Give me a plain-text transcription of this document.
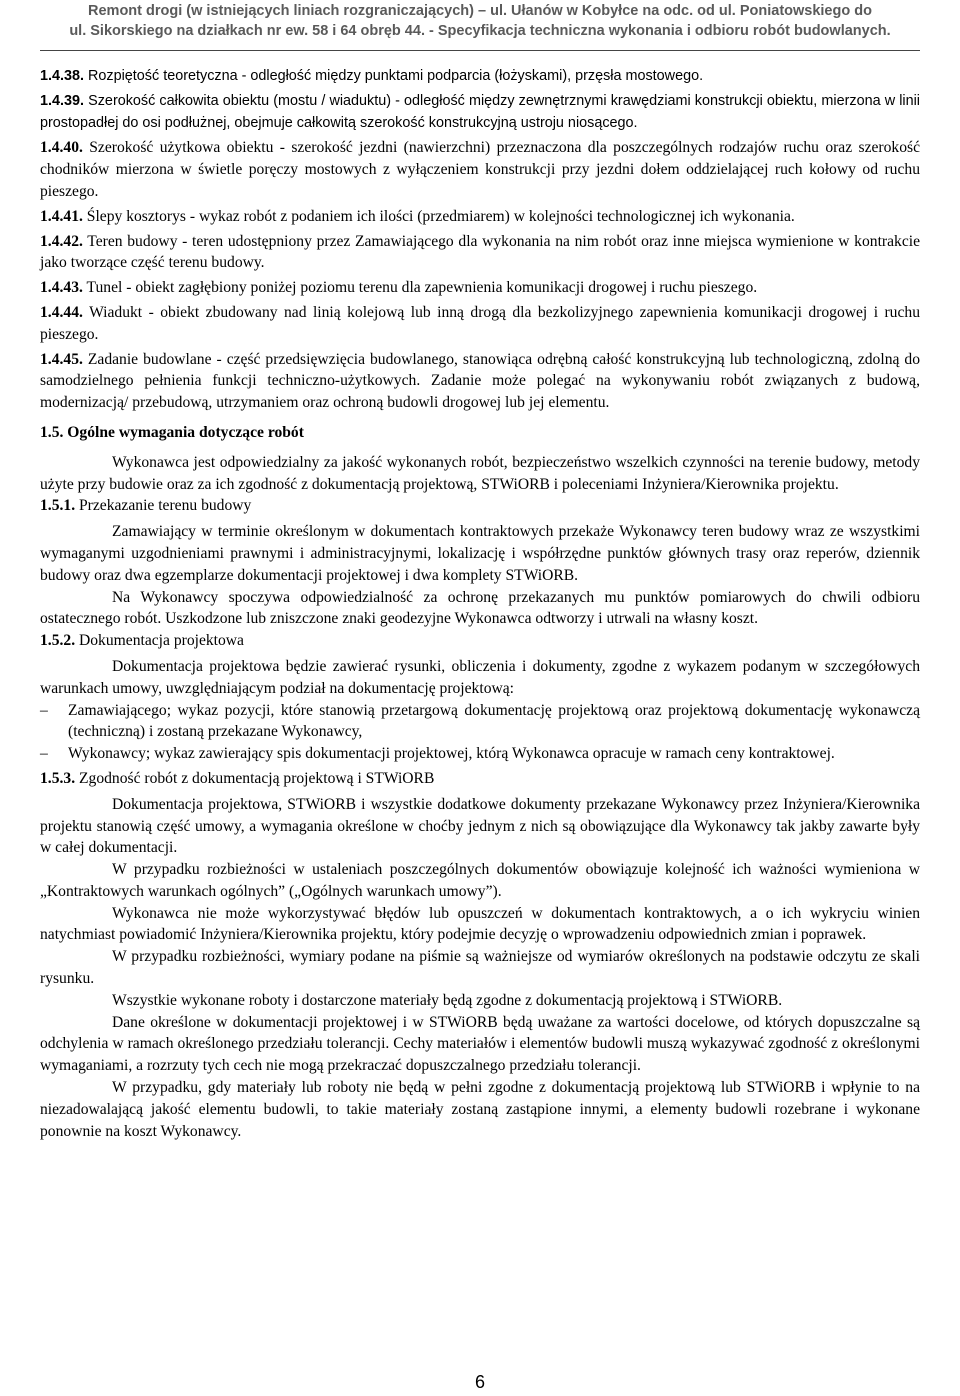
Remont drogi (w istniejących liniach rozgraniczających) – ul. Ułanów w Kobyłce na odc. od ul. Poniatowskiego do
ul. Sikorskiego na działkach nr ew. 58 i 64 obręb 44. - Specyfikacja techniczna wykonania i odbioru robót budowlanych.

1.4.38. Rozpiętość teoretyczna - odległość między punktami podparcia (łożyskami), przęsła mostowego.

1.4.39. Szerokość całkowita obiektu (mostu / wiaduktu) - odległość między zewnętrznymi krawędziami konstrukcji obiektu, mierzona w linii prostopadłej do osi podłużnej, obejmuje całkowitą szerokość konstrukcyjną ustroju niosącego.

1.4.40. Szerokość użytkowa obiektu - szerokość jezdni (nawierzchni) przeznaczona dla poszczególnych rodzajów ruchu oraz szerokość chodników mierzona w świetle poręczy mostowych z wyłączeniem konstrukcji przy jezdni dołem oddzielającej ruch kołowy od ruchu pieszego.

1.4.41. Ślepy kosztorys - wykaz robót z podaniem ich ilości (przedmiarem) w kolejności technologicznej ich wykonania.

1.4.42. Teren budowy - teren udostępniony przez Zamawiającego dla wykonania na nim robót oraz inne miejsca wymienione w kontrakcie jako tworzące część terenu budowy.

1.4.43. Tunel - obiekt zagłębiony poniżej poziomu terenu dla zapewnienia komunikacji drogowej i ruchu pieszego.

1.4.44. Wiadukt - obiekt zbudowany nad linią kolejową lub inną drogą dla bezkolizyjnego zapewnienia komunikacji drogowej i ruchu pieszego.

1.4.45. Zadanie budowlane - część przedsięwzięcia budowlanego, stanowiąca odrębną całość konstrukcyjną lub technologiczną, zdolną do samodzielnego pełnienia funkcji techniczno-użytkowych. Zadanie może polegać na wykonywaniu robót związanych z budową, modernizacją/ przebudową, utrzymaniem oraz ochroną budowli drogowej lub jej elementu.

1.5. Ogólne wymagania dotyczące robót

Wykonawca jest odpowiedzialny za jakość wykonanych robót, bezpieczeństwo wszelkich czynności na terenie budowy, metody użyte przy budowie oraz za ich zgodność z dokumentacją projektową, STWiORB i poleceniami Inżyniera/Kierownika projektu.

1.5.1. Przekazanie terenu budowy

Zamawiający w terminie określonym w dokumentach kontraktowych przekaże Wykonawcy teren budowy wraz ze wszystkimi wymaganymi uzgodnieniami prawnymi i administracyjnymi, lokalizację i współrzędne punktów głównych trasy oraz reperów, dziennik budowy oraz dwa egzemplarze dokumentacji projektowej i dwa komplety STWiORB.

Na Wykonawcy spoczywa odpowiedzialność za ochronę przekazanych mu punktów pomiarowych do chwili odbioru ostatecznego robót. Uszkodzone lub zniszczone znaki geodezyjne Wykonawca odtworzy i utrwali na własny koszt.

1.5.2. Dokumentacja projektowa

Dokumentacja projektowa będzie zawierać rysunki, obliczenia i dokumenty, zgodne z wykazem podanym w szczegółowych warunkach umowy, uwzględniającym podział na dokumentację projektową:

–	Zamawiającego; wykaz pozycji, które stanowią przetargową dokumentację projektową oraz projektową dokumentację wykonawczą (techniczną) i zostaną przekazane Wykonawcy,
–	Wykonawcy; wykaz zawierający spis dokumentacji projektowej, którą Wykonawca opracuje w ramach ceny kontraktowej.

1.5.3. Zgodność robót z dokumentacją projektową i STWiORB

Dokumentacja projektowa, STWiORB i wszystkie dodatkowe dokumenty przekazane Wykonawcy przez Inżyniera/Kierownika projektu stanowią część umowy, a wymagania określone w choćby jednym z nich są obowiązujące dla Wykonawcy tak jakby zawarte były w całej dokumentacji.

W przypadku rozbieżności w ustaleniach poszczególnych dokumentów obowiązuje kolejność ich ważności wymieniona w „Kontraktowych warunkach ogólnych” („Ogólnych warunkach umowy”).

Wykonawca nie może wykorzystywać błędów lub opuszczeń w dokumentach kontraktowych, a o ich wykryciu winien natychmiast powiadomić Inżyniera/Kierownika projektu, który podejmie decyzję o wprowadzeniu odpowiednich zmian i poprawek.

W przypadku rozbieżności, wymiary podane na piśmie są ważniejsze od wymiarów określonych na podstawie odczytu ze skali rysunku.

Wszystkie wykonane roboty i dostarczone materiały będą zgodne z dokumentacją projektową i STWiORB.

Dane określone w dokumentacji projektowej i w STWiORB będą uważane za wartości docelowe, od których dopuszczalne są odchylenia w ramach określonego przedziału tolerancji. Cechy materiałów i elementów budowli muszą wykazywać zgodność z określonymi wymaganiami, a rozrzuty tych cech nie mogą przekraczać dopuszczalnego przedziału tolerancji.

W przypadku, gdy materiały lub roboty nie będą w pełni zgodne z dokumentacją projektową lub STWiORB i wpłynie to na niezadowalającą jakość elementu budowli, to takie materiały zostaną zastąpione innymi, a elementy budowli rozebrane i wykonane ponownie na koszt Wykonawcy.

6
